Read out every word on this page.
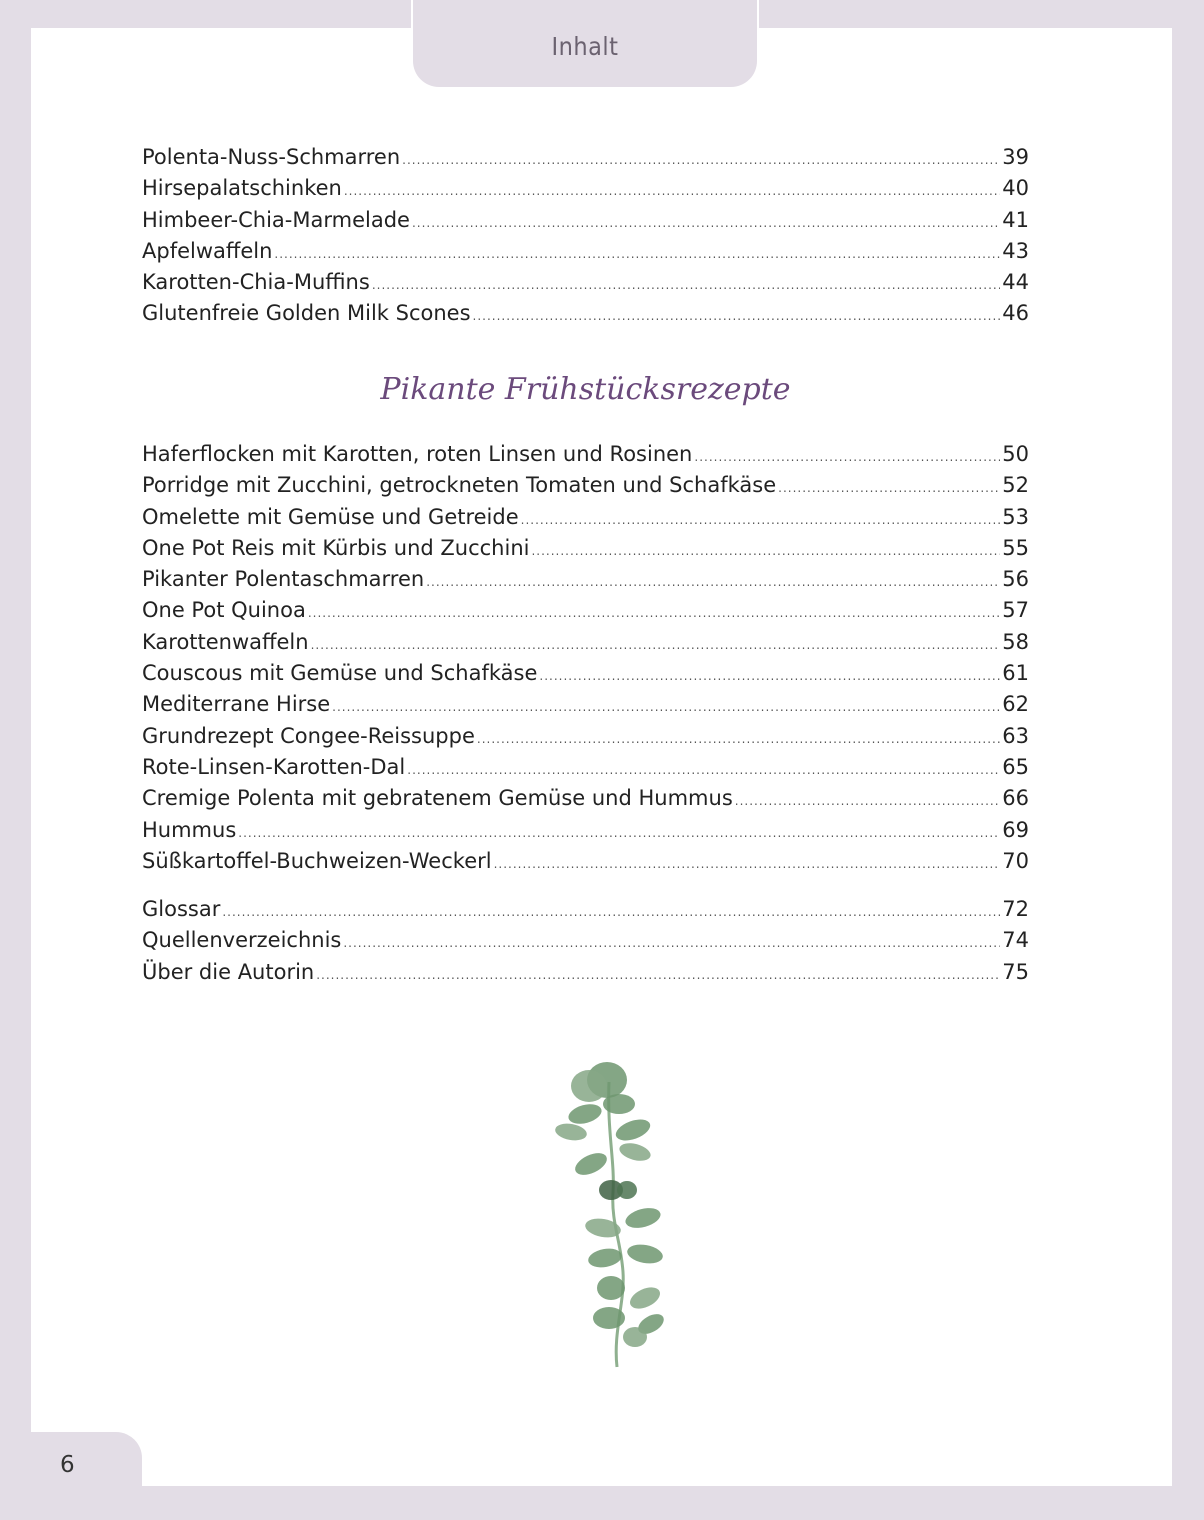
Inhalt
Polenta-Nuss-Schmarren .....	39
Hirsepalatschinken .....	40
Himbeer-Chia-Marmelade .....	41
Apfelwaffeln .....	43
Karotten-Chia-Muffins .....	44
Glutenfreie Golden Milk Scones .....	46
Pikante Frühstücksrezepte
Haferflocken mit Karotten, roten Linsen und Rosinen .....	50
Porridge mit Zucchini, getrockneten Tomaten und Schafkäse .....	52
Omelette mit Gemüse und Getreide .....	53
One Pot Reis mit Kürbis und Zucchini .....	55
Pikanter Polentaschmarren .....	56
One Pot Quinoa .....	57
Karottenwaffeln .....	58
Couscous mit Gemüse und Schafkäse .....	61
Mediterrane Hirse .....	62
Grundrezept Congee-Reissuppe .....	63
Rote-Linsen-Karotten-Dal .....	65
Cremige Polenta mit gebratenem Gemüse und Hummus .....	66
Hummus .....	69
Süßkartoffel-Buchweizen-Weckerl .....	70
Glossar .....	72
Quellenverzeichnis .....	74
Über die Autorin .....	75
6
